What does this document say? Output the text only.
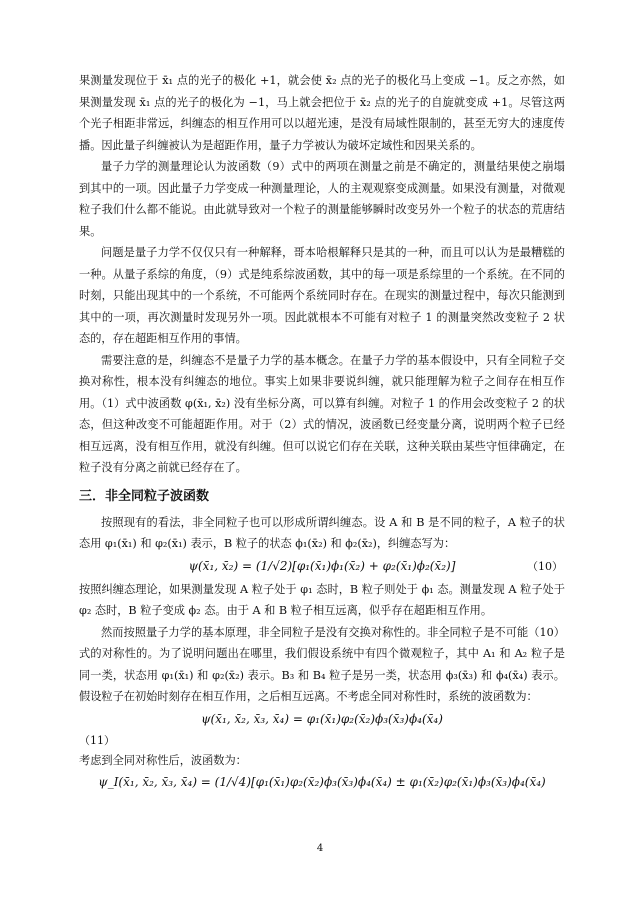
果测量发现位于 x̄₁ 点的光子的极化 +1，就会使 x̄₂ 点的光子的极化马上变成 −1。反之亦然，如果测量发现 x̄₁ 点的光子的极化为 −1，马上就会把位于 x̄₂ 点的光子的自旋就变成 +1。尽管这两个光子相距非常远，纠缠态的相互作用可以以超光速，是没有局域性限制的，甚至无穷大的速度传播。因此量子纠缠被认为是超距作用，量子力学被认为破坏定域性和因果关系的。

量子力学的测量理论认为波函数（9）式中的两项在测量之前是不确定的，测量结果使之崩塌到其中的一项。因此量子力学变成一种测量理论，人的主观观察变成测量。如果没有测量，对微观粒子我们什么都不能说。由此就导致对一个粒子的测量能够瞬时改变另外一个粒子的状态的荒唐结果。

问题是量子力学不仅仅只有一种解释，哥本哈根解释只是其的一种，而且可以认为是最糟糕的一种。从量子系综的角度，（9）式是纯系综波函数，其中的每一项是系综里的一个系统。在不同的时刻，只能出现其中的一个系统，不可能两个系统同时存在。在现实的测量过程中，每次只能测到其中的一项，再次测量时发现另外一项。因此就根本不可能有对粒子 1 的测量突然改变粒子 2 状态的，存在超距相互作用的事情。

需要注意的是，纠缠态不是量子力学的基本概念。在量子力学的基本假设中，只有全同粒子交换对称性，根本没有纠缠态的地位。事实上如果非要说纠缠，就只能理解为粒子之间存在相互作用。（1）式中波函数 φ(x̄₁, x̄₂) 没有坐标分离，可以算有纠缠。对粒子 1 的作用会改变粒子 2 的状态，但这种改变不可能超距作用。对于（2）式的情况，波函数已经变量分离，说明两个粒子已经相互远离，没有相互作用，就没有纠缠。但可以说它们存在关联，这种关联由某些守恒律确定，在粒子没有分离之前就已经存在了。

三．非全同粒子波函数

按照现有的看法，非全同粒子也可以形成所谓纠缠态。设 A 和 B 是不同的粒子，A 粒子的状态用 φ₁(x̄₁) 和 φ₂(x̄₁) 表示，B 粒子的状态 ϕ₁(x̄₂) 和 ϕ₂(x̄₂)，纠缠态写为：

ψ(x̄₁, x̄₂) = (1/√2)[φ₁(x̄₁)ϕ₁(x̄₂) + φ₂(x̄₁)ϕ₂(x̄₂)]	（10）

按照纠缠态理论，如果测量发现 A 粒子处于 φ₁ 态时，B 粒子则处于 ϕ₁ 态。测量发现 A 粒子处于 φ₂ 态时，B 粒子变成 ϕ₂ 态。由于 A 和 B 粒子相互远离，似乎存在超距相互作用。

然而按照量子力学的基本原理，非全同粒子是没有交换对称性的。非全同粒子是不可能（10）式的对称性的。为了说明问题出在哪里，我们假设系统中有四个微观粒子，其中 A₁ 和 A₂ 粒子是同一类，状态用 φ₁(x̄₁) 和 φ₂(x̄₂) 表示。B₃ 和 B₄ 粒子是另一类，状态用 ϕ₃(x̄₃) 和 ϕ₄(x̄₄) 表示。假设粒子在初始时刻存在相互作用，之后相互远离。不考虑全同对称性时，系统的波函数为：

ψ(x̄₁, x̄₂, x̄₃, x̄₄) = φ₁(x̄₁)φ₂(x̄₂)ϕ₃(x̄₃)ϕ₄(x̄₄)
（11）

考虑到全同对称性后，波函数为：

ψ_I(x̄₁, x̄₂, x̄₃, x̄₄) = (1/√4)[φ₁(x̄₁)φ₂(x̄₂)ϕ₃(x̄₃)ϕ₄(x̄₄) ± φ₁(x̄₂)φ₂(x̄₁)ϕ₃(x̄₃)ϕ₄(x̄₄)
4
